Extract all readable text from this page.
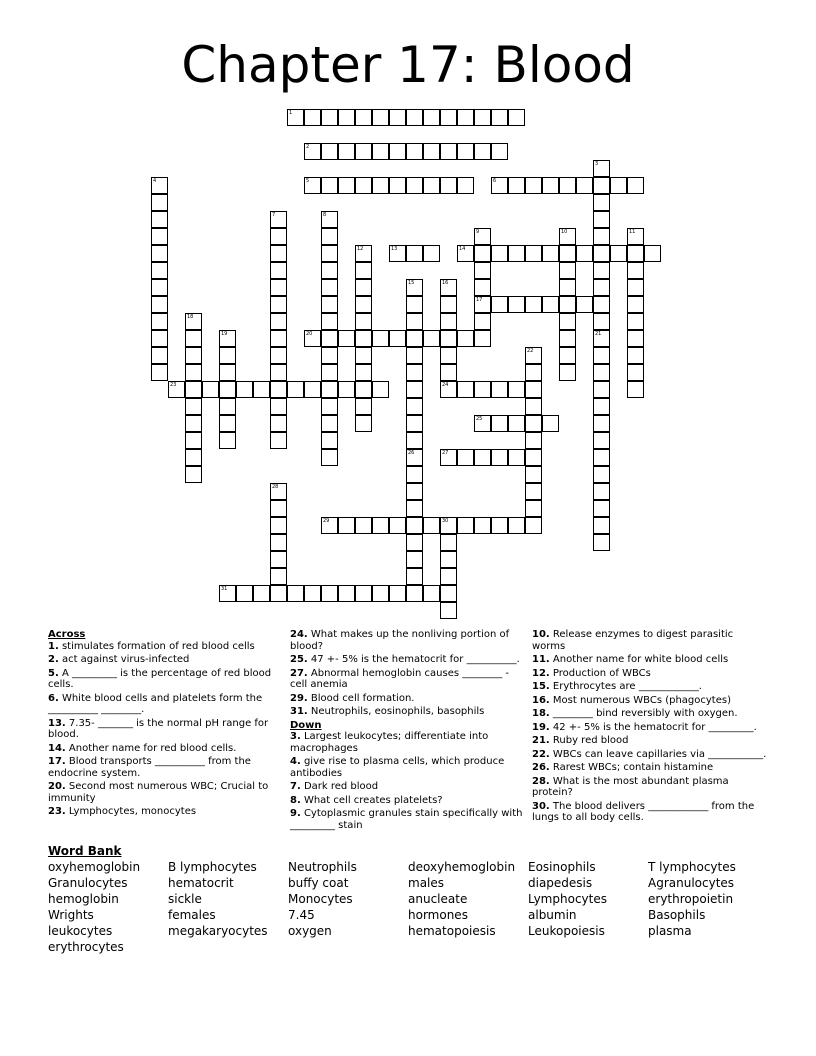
Chapter 17: Blood
1
2
3
21
4	5	6
7	8
9
17
10	11
12	13	14
15
26
16
24
18
19	20
22
23
25
27
28
29	30
31
Across
1. stimulates formation of red blood cells
2. act against virus-infected
5. A _________ is the percentage of red blood cells.
6. White blood cells and platelets form the __________ ________.
13. 7.35- _______ is the normal pH range for blood.
14. Another name for red blood cells.
17. Blood transports __________ from the endocrine system.
20. Second most numerous WBC; Crucial to immunity
23. Lymphocytes, monocytes
24. What makes up the nonliving portion of blood?
25. 47 +- 5% is the hematocrit for __________.
27. Abnormal hemoglobin causes ________ -cell anemia
29. Blood cell formation.
31. Neutrophils, eosinophils, basophils
Down
3. Largest leukocytes; differentiate into macrophages
4. give rise to plasma cells, which produce antibodies
7. Dark red blood
8. What cell creates platelets?
9. Cytoplasmic granules stain specifically with _________ stain
10. Release enzymes to digest parasitic worms
11. Another name for white blood cells
12. Production of WBCs
15. Erythrocytes are ____________.
16. Most numerous WBCs (phagocytes)
18. ________ bind reversibly with oxygen.
19. 42 +- 5% is the hematocrit for _________.
21. Ruby red blood
22. WBCs can leave capillaries via ___________.
26. Rarest WBCs; contain histamine
28. What is the most abundant plasma protein?
30. The blood delivers ____________ from the lungs to all body cells.
Word Bank
oxyhemoglobin	B lymphocytes	Neutrophils	deoxyhemoglobin	Eosinophils	T lymphocytes
Granulocytes	hematocrit	buffy coat	males	diapedesis	Agranulocytes
hemoglobin	sickle	Monocytes	anucleate	Lymphocytes	erythropoietin
Wrights	females	7.45	hormones	albumin	Basophils
leukocytes	megakaryocytes	oxygen	hematopoiesis	Leukopoiesis	plasma
erythrocytes
